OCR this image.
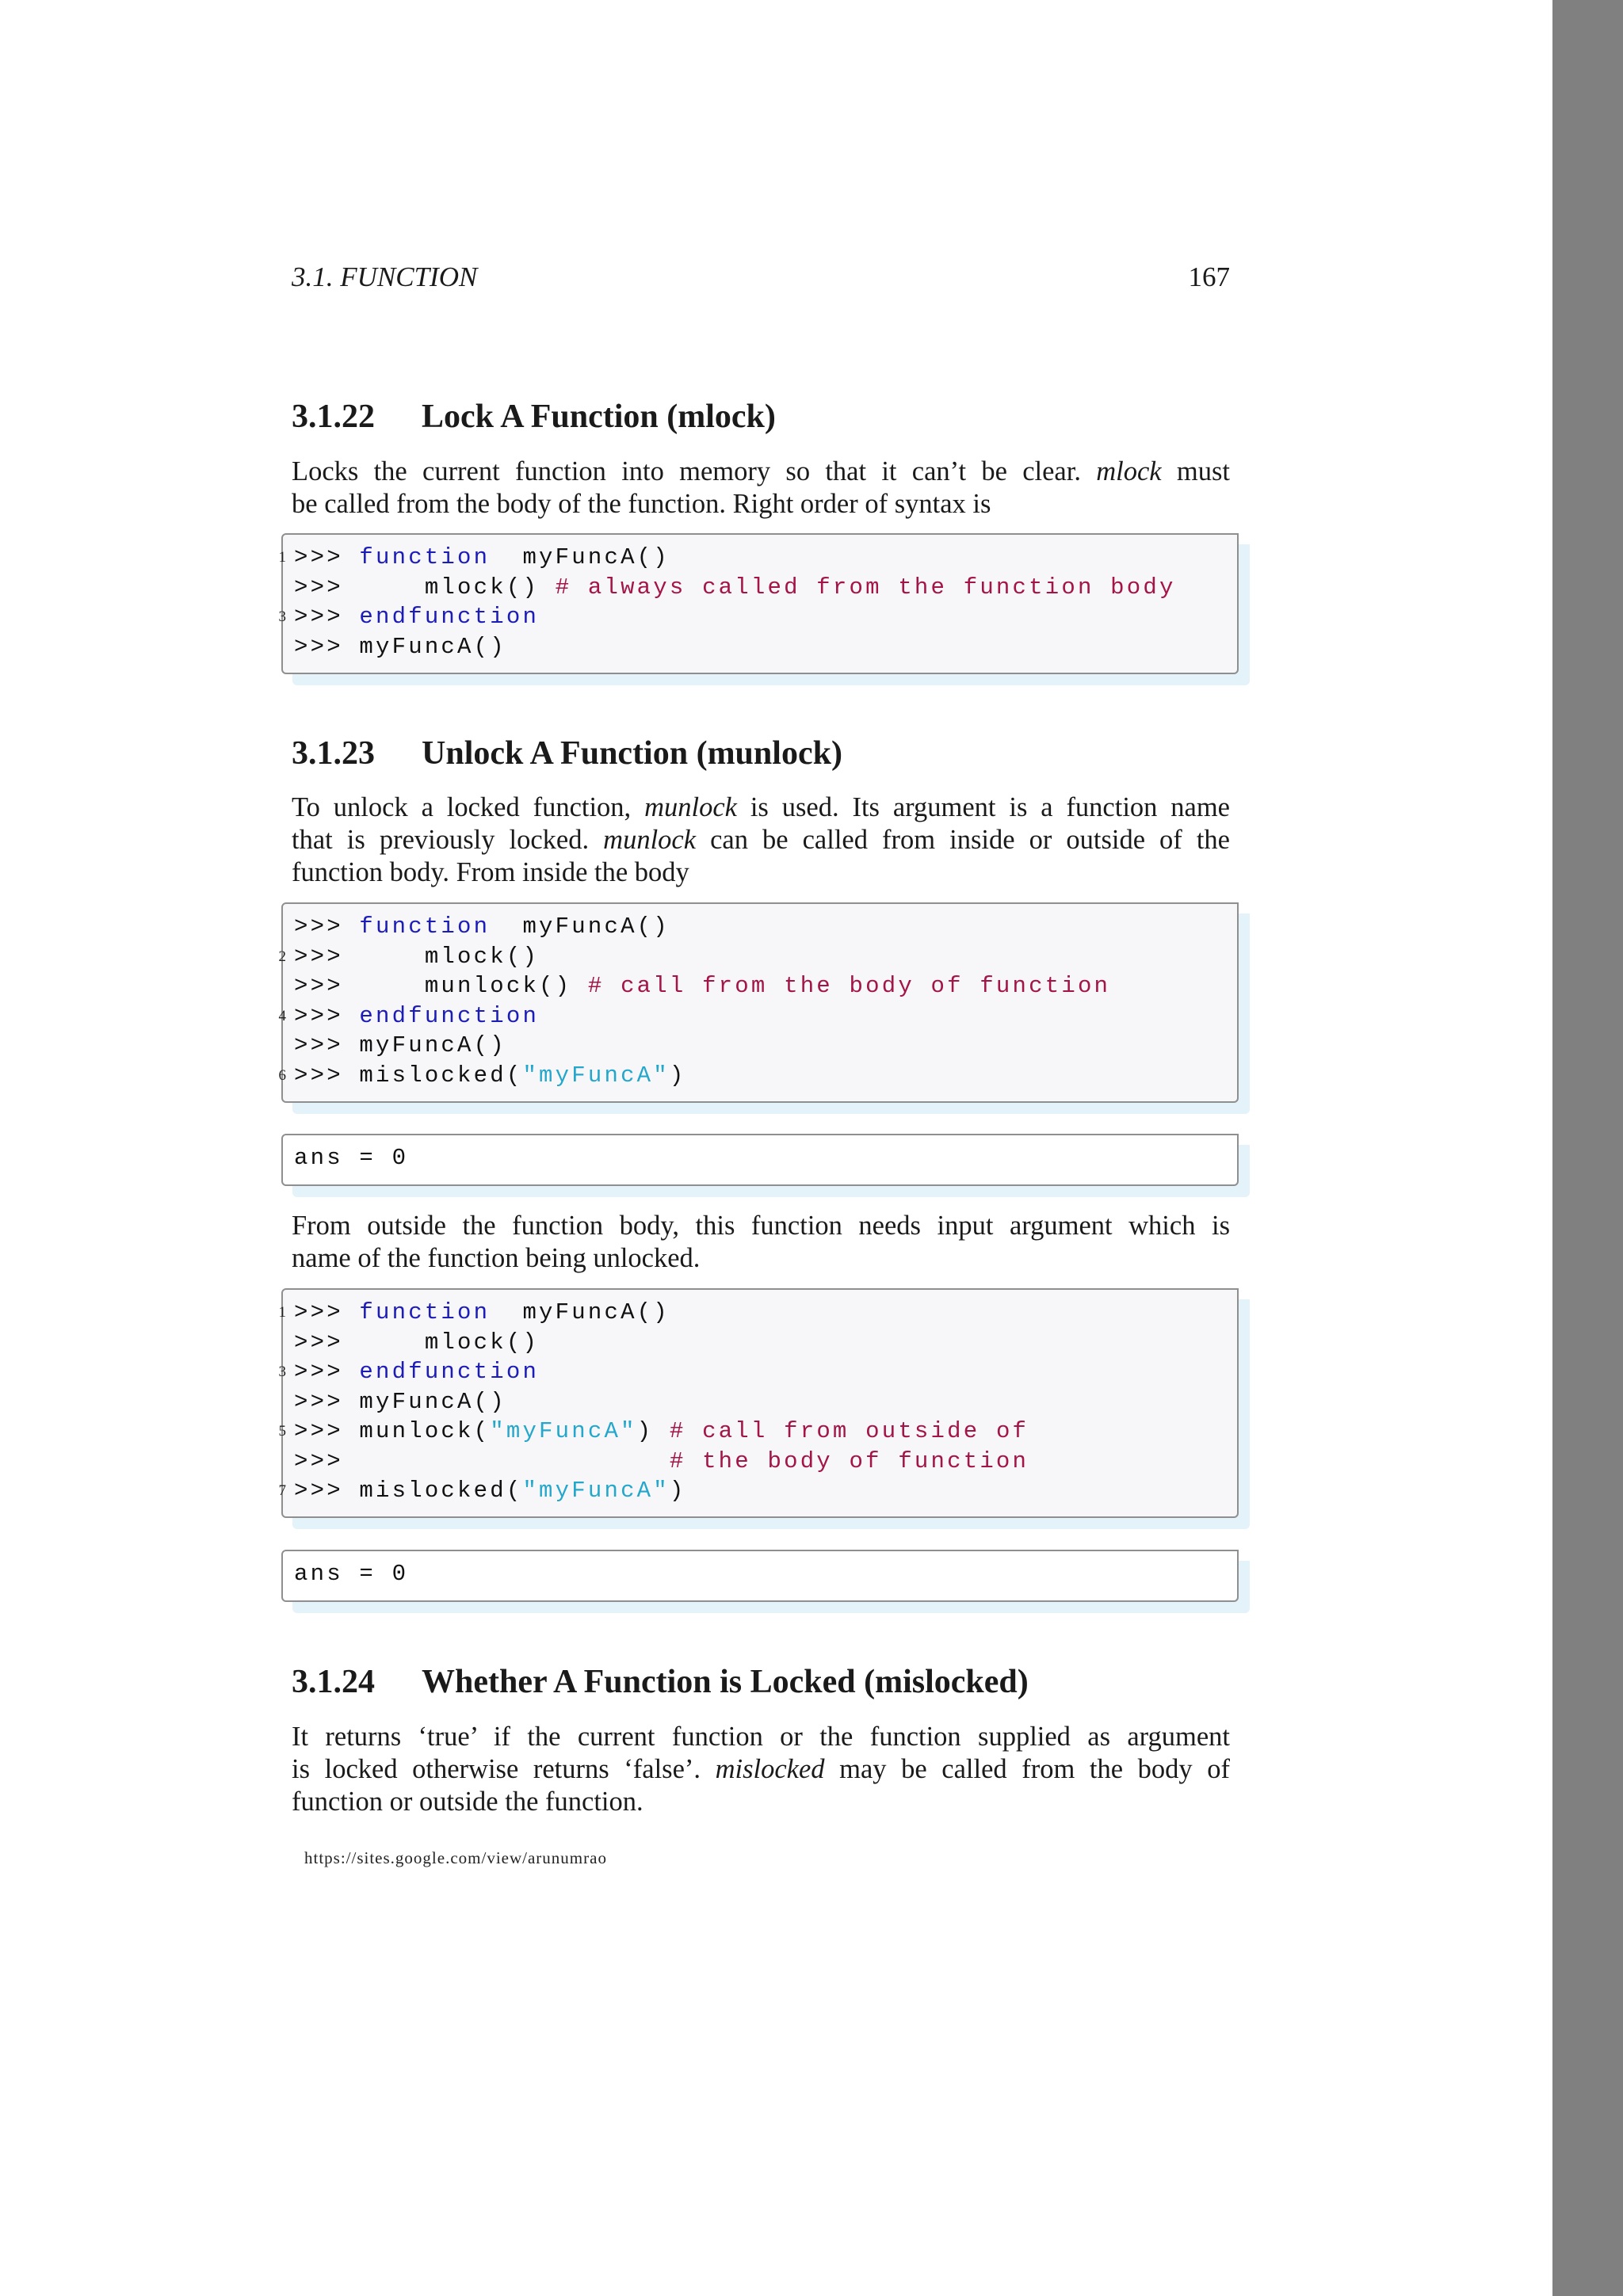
3.1. FUNCTION	167
3.1.22 Lock A Function (mlock)
Locks the current function into memory so that it can’t be clear. mlock must
be called from the body of the function. Right order of syntax is
1 >>> function  myFuncA()
>>>     mlock() # always called from the function body
3 >>> endfunction
>>> myFuncA()
3.1.23 Unlock A Function (munlock)
To unlock a locked function, munlock is used. Its argument is a function name
that is previously locked. munlock can be called from inside or outside of the
function body. From inside the body
>>> function  myFuncA()
2 >>>     mlock()
>>>     munlock() # call from the body of function
4 >>> endfunction
>>> myFuncA()
6 >>> mislocked("myFuncA")
ans = 0
From outside the function body, this function needs input argument which is
name of the function being unlocked.
1 >>> function  myFuncA()
>>>     mlock()
3 >>> endfunction
>>> myFuncA()
5 >>> munlock("myFuncA") # call from outside of
>>>                    # the body of function
7 >>> mislocked("myFuncA")
ans = 0
3.1.24 Whether A Function is Locked (mislocked)
It returns ‘true’ if the current function or the function supplied as argument
is locked otherwise returns ‘false’. mislocked may be called from the body of
function or outside the function.
https://sites.google.com/view/arunumrao
